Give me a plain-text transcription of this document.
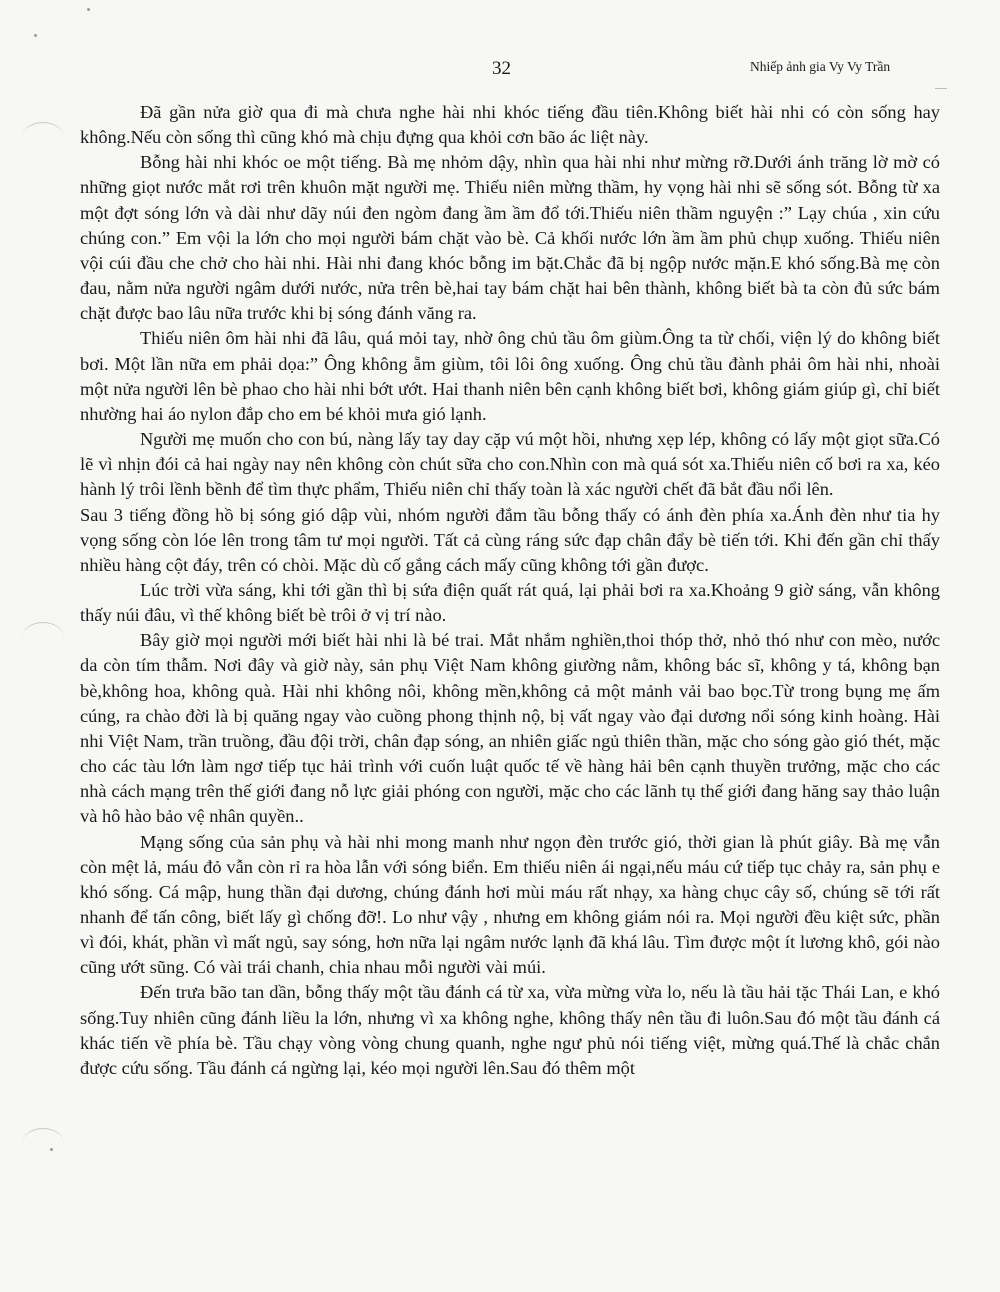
32	Nhiếp ảnh gia Vy Vy Trần

Đã gần nửa giờ qua đi mà chưa nghe hài nhi khóc tiếng đầu tiên.Không biết hài nhi có còn sống hay không.Nếu còn sống thì cũng khó mà chịu đựng qua khỏi cơn bão ác liệt này.

Bỗng hài nhi khóc oe một tiếng. Bà mẹ nhỏm dậy, nhìn qua hài nhi như mừng rỡ.Dưới ánh trăng lờ mờ có những giọt nước mắt rơi trên khuôn mặt người mẹ. Thiếu niên mừng thầm, hy vọng hài nhi sẽ sống sót. Bỗng từ xa một đợt sóng lớn và dài như dãy núi đen ngòm đang ầm ầm đổ tới.Thiếu niên thầm nguyện :” Lạy chúa , xin cứu chúng con.” Em vội la lớn cho mọi người bám chặt vào bè. Cả khối nước lớn ầm ầm phủ chụp xuống. Thiếu niên vội cúi đầu che chở cho hài nhi. Hài nhi đang khóc bỗng im bặt.Chắc đã bị ngộp nước mặn.E khó sống.Bà mẹ còn đau, nằm nửa người ngâm dưới nước, nửa trên bè,hai tay bám chặt hai bên thành, không biết bà ta còn đủ sức bám chặt được bao lâu nữa trước khi bị sóng đánh văng ra.

Thiếu niên ôm hài nhi đã lâu, quá mỏi tay, nhờ ông chủ tầu ôm giùm.Ông ta từ chối, viện lý do không biết bơi. Một lần nữa em phải dọa:” Ông không ẵm giùm, tôi lôi ông xuống. Ông chủ tầu đành phải ôm hài nhi, nhoài một nửa người lên bè phao cho hài nhi bớt ướt. Hai thanh niên bên cạnh không biết bơi, không giám giúp gì, chỉ biết nhường hai áo nylon đắp cho em bé khỏi mưa gió lạnh.

Người mẹ muốn cho con bú, nàng lấy tay day cặp vú một hồi, nhưng xẹp lép, không có lấy một giọt sữa.Có lẽ vì nhịn đói cả hai ngày nay nên không còn chút sữa cho con.Nhìn con mà quá sót xa.Thiếu niên cố bơi ra xa, kéo hành lý trôi lềnh bềnh để tìm thực phẩm, Thiếu niên chỉ thấy toàn là xác người chết đã bắt đầu nổi lên.

Sau 3 tiếng đồng hồ bị sóng gió dập vùi, nhóm người đắm tầu bỗng thấy có ánh đèn phía xa.Ánh đèn như tia hy vọng sống còn lóe lên trong tâm tư mọi người. Tất cả cùng ráng sức đạp chân đẩy bè tiến tới. Khi đến gần chỉ thấy nhiều hàng cột đáy, trên có chòi. Mặc dù cố gắng cách mấy cũng không tới gần được.

Lúc trời vừa sáng, khi tới gần thì bị sứa điện quất rát quá, lại phải bơi ra xa.Khoảng 9 giờ sáng, vẫn không thấy núi đâu, vì thế không biết bè trôi ở vị trí nào.

Bây giờ mọi người mới biết hài nhi là bé trai. Mắt nhắm nghiền,thoi thóp thở, nhỏ thó như con mèo, nước da còn tím thẫm. Nơi đây và giờ này, sản phụ Việt Nam không giường nằm, không bác sĩ, không y tá, không bạn bè,không hoa, không quà. Hài nhi không nôi, không mền,không cả một mảnh vải bao bọc.Từ trong bụng mẹ ấm cúng, ra chào đời là bị quăng ngay vào cuồng phong thịnh nộ, bị vất ngay vào đại dương nổi sóng kinh hoàng. Hài nhi Việt Nam, trần truồng, đầu đội trời, chân đạp sóng, an nhiên giấc ngủ thiên thần, mặc cho sóng gào gió thét, mặc cho các tàu lớn làm ngơ tiếp tục hải trình với cuốn luật quốc tế về hàng hải bên cạnh thuyền trưởng, mặc cho các nhà cách mạng trên thế giới đang nỗ lực giải phóng con người, mặc cho các lãnh tụ thế giới đang hăng say thảo luận và hô hào bảo vệ nhân quyền..

Mạng sống của sản phụ và hài nhi mong manh như ngọn đèn trước gió, thời gian là phút giây. Bà mẹ vẫn còn mệt lả, máu đỏ vẫn còn rỉ ra hòa lẫn với sóng biển. Em thiếu niên ái ngại,nếu máu cứ tiếp tục chảy ra, sản phụ e khó sống. Cá mập, hung thần đại dương, chúng đánh hơi mùi máu rất nhạy, xa hàng chục cây số, chúng sẽ tới rất nhanh để tấn công, biết lấy gì chống đỡ!. Lo như vậy , nhưng em không giám nói ra. Mọi người đều kiệt sức, phần vì đói, khát, phần vì mất ngủ, say sóng, hơn nữa lại ngâm nước lạnh đã khá lâu. Tìm được một ít lương khô, gói nào cũng ướt sũng. Có vài trái chanh, chia nhau mỗi người vài múi.

Đến trưa bão tan dần, bỗng thấy một tầu đánh cá từ xa, vừa mừng vừa lo, nếu là tầu hải tặc Thái Lan, e khó sống.Tuy nhiên cũng đánh liều la lớn, nhưng vì xa không nghe, không thấy nên tầu đi luôn.Sau đó một tầu đánh cá khác tiến về phía bè. Tầu chạy vòng vòng chung quanh, nghe ngư phủ nói tiếng việt, mừng quá.Thế là chắc chắn được cứu sống. Tầu đánh cá ngừng lại, kéo mọi người lên.Sau đó thêm một
